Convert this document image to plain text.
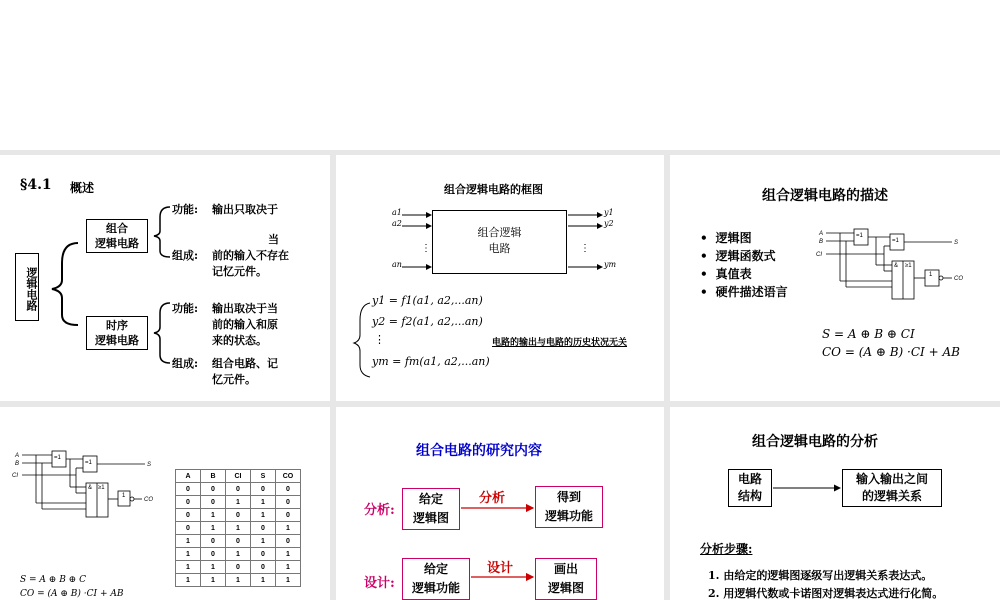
§4.1 概述
逻辑电路
组合
逻辑电路
时序
逻辑电路
功能: 输出只取决于
当
组成: 前的输入不存在
记忆元件。
功能: 输出取决于当
前的输入和原
来的状态。
组成: 组合电路、记
忆元件。
组合逻辑电路的框图
组合逻辑
电路
⋮	⋮
a1
a2
an
y1
y2
ym
y1 = f1(a1, a2,...an)
y2 = f2(a1, a2,...an)
⋮
ym = fm(a1, a2,...an)
电路的输出与电路的历史状况无关
组合逻辑电路的描述
• 逻辑图
• 逻辑函数式
• 真值表
• 硬件描述语言
A
B
CI
=1
=1
& ≥1
1
S
CO
S = A ⊕ B ⊕ CI
CO = (A ⊕ B) ·CI + AB
A
B
CI
=1
=1
& ≥1
1
S
CO
S = A ⊕ B ⊕ C
CO = (A ⊕ B) ·CI + AB
A	B	CI	S	CO
0	0	0	0	0
0	0	1	1	0
0	1	0	1	0
0	1	1	0	1
1	0	0	1	0
1	0	1	0	1
1	1	0	0	1
1	1	1	1	1
组合电路的研究内容
分析:
给定
逻辑图
分析	得到
逻辑功能
设计:
给定
逻辑功能
设计	画出
逻辑图
组合逻辑电路的分析
电路
结构
输入输出之间
的逻辑关系
分析步骤:
1. 由给定的逻辑图逐级写出逻辑关系表达式。
2. 用逻辑代数或卡诺图对逻辑表达式进行化简。
